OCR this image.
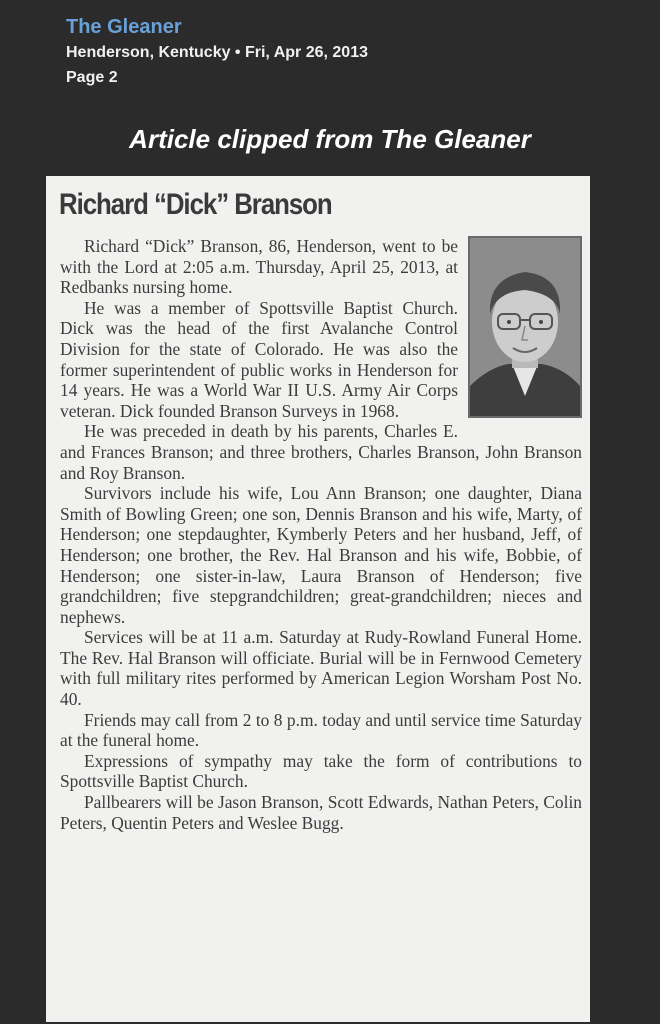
The Gleaner
Henderson, Kentucky • Fri, Apr 26, 2013
Page 2
Article clipped from The Gleaner
Richard “Dick” Branson

Richard “Dick” Branson, 86, Henderson, went to be with the Lord at 2:05 a.m. Thursday, April 25, 2013, at Redbanks nursing home.

He was a member of Spottsville Baptist Church. Dick was the head of the first Avalanche Control Division for the state of Colorado. He was also the former superintendent of public works in Henderson for 14 years. He was a World War II U.S. Army Air Corps veteran. Dick founded Branson Surveys in 1968.

He was preceded in death by his parents, Charles E. and Frances Branson; and three brothers, Charles Branson, John Branson and Roy Branson.

Survivors include his wife, Lou Ann Branson; one daughter, Diana Smith of Bowling Green; one son, Dennis Branson and his wife, Marty, of Henderson; one stepdaughter, Kymberly Peters and her husband, Jeff, of Henderson; one brother, the Rev. Hal Branson and his wife, Bobbie, of Henderson; one sister-in-law, Laura Branson of Henderson; five grandchildren; five stepgrandchildren; great-grandchildren; nieces and nephews.

Services will be at 11 a.m. Saturday at Rudy-Rowland Funeral Home. The Rev. Hal Branson will officiate. Burial will be in Fernwood Cemetery with full military rites performed by American Legion Worsham Post No. 40.

Friends may call from 2 to 8 p.m. today and until service time Saturday at the funeral home.

Expressions of sympathy may take the form of contributions to Spottsville Baptist Church.

Pallbearers will be Jason Branson, Scott Edwards, Nathan Peters, Colin Peters, Quentin Peters and Weslee Bugg.
